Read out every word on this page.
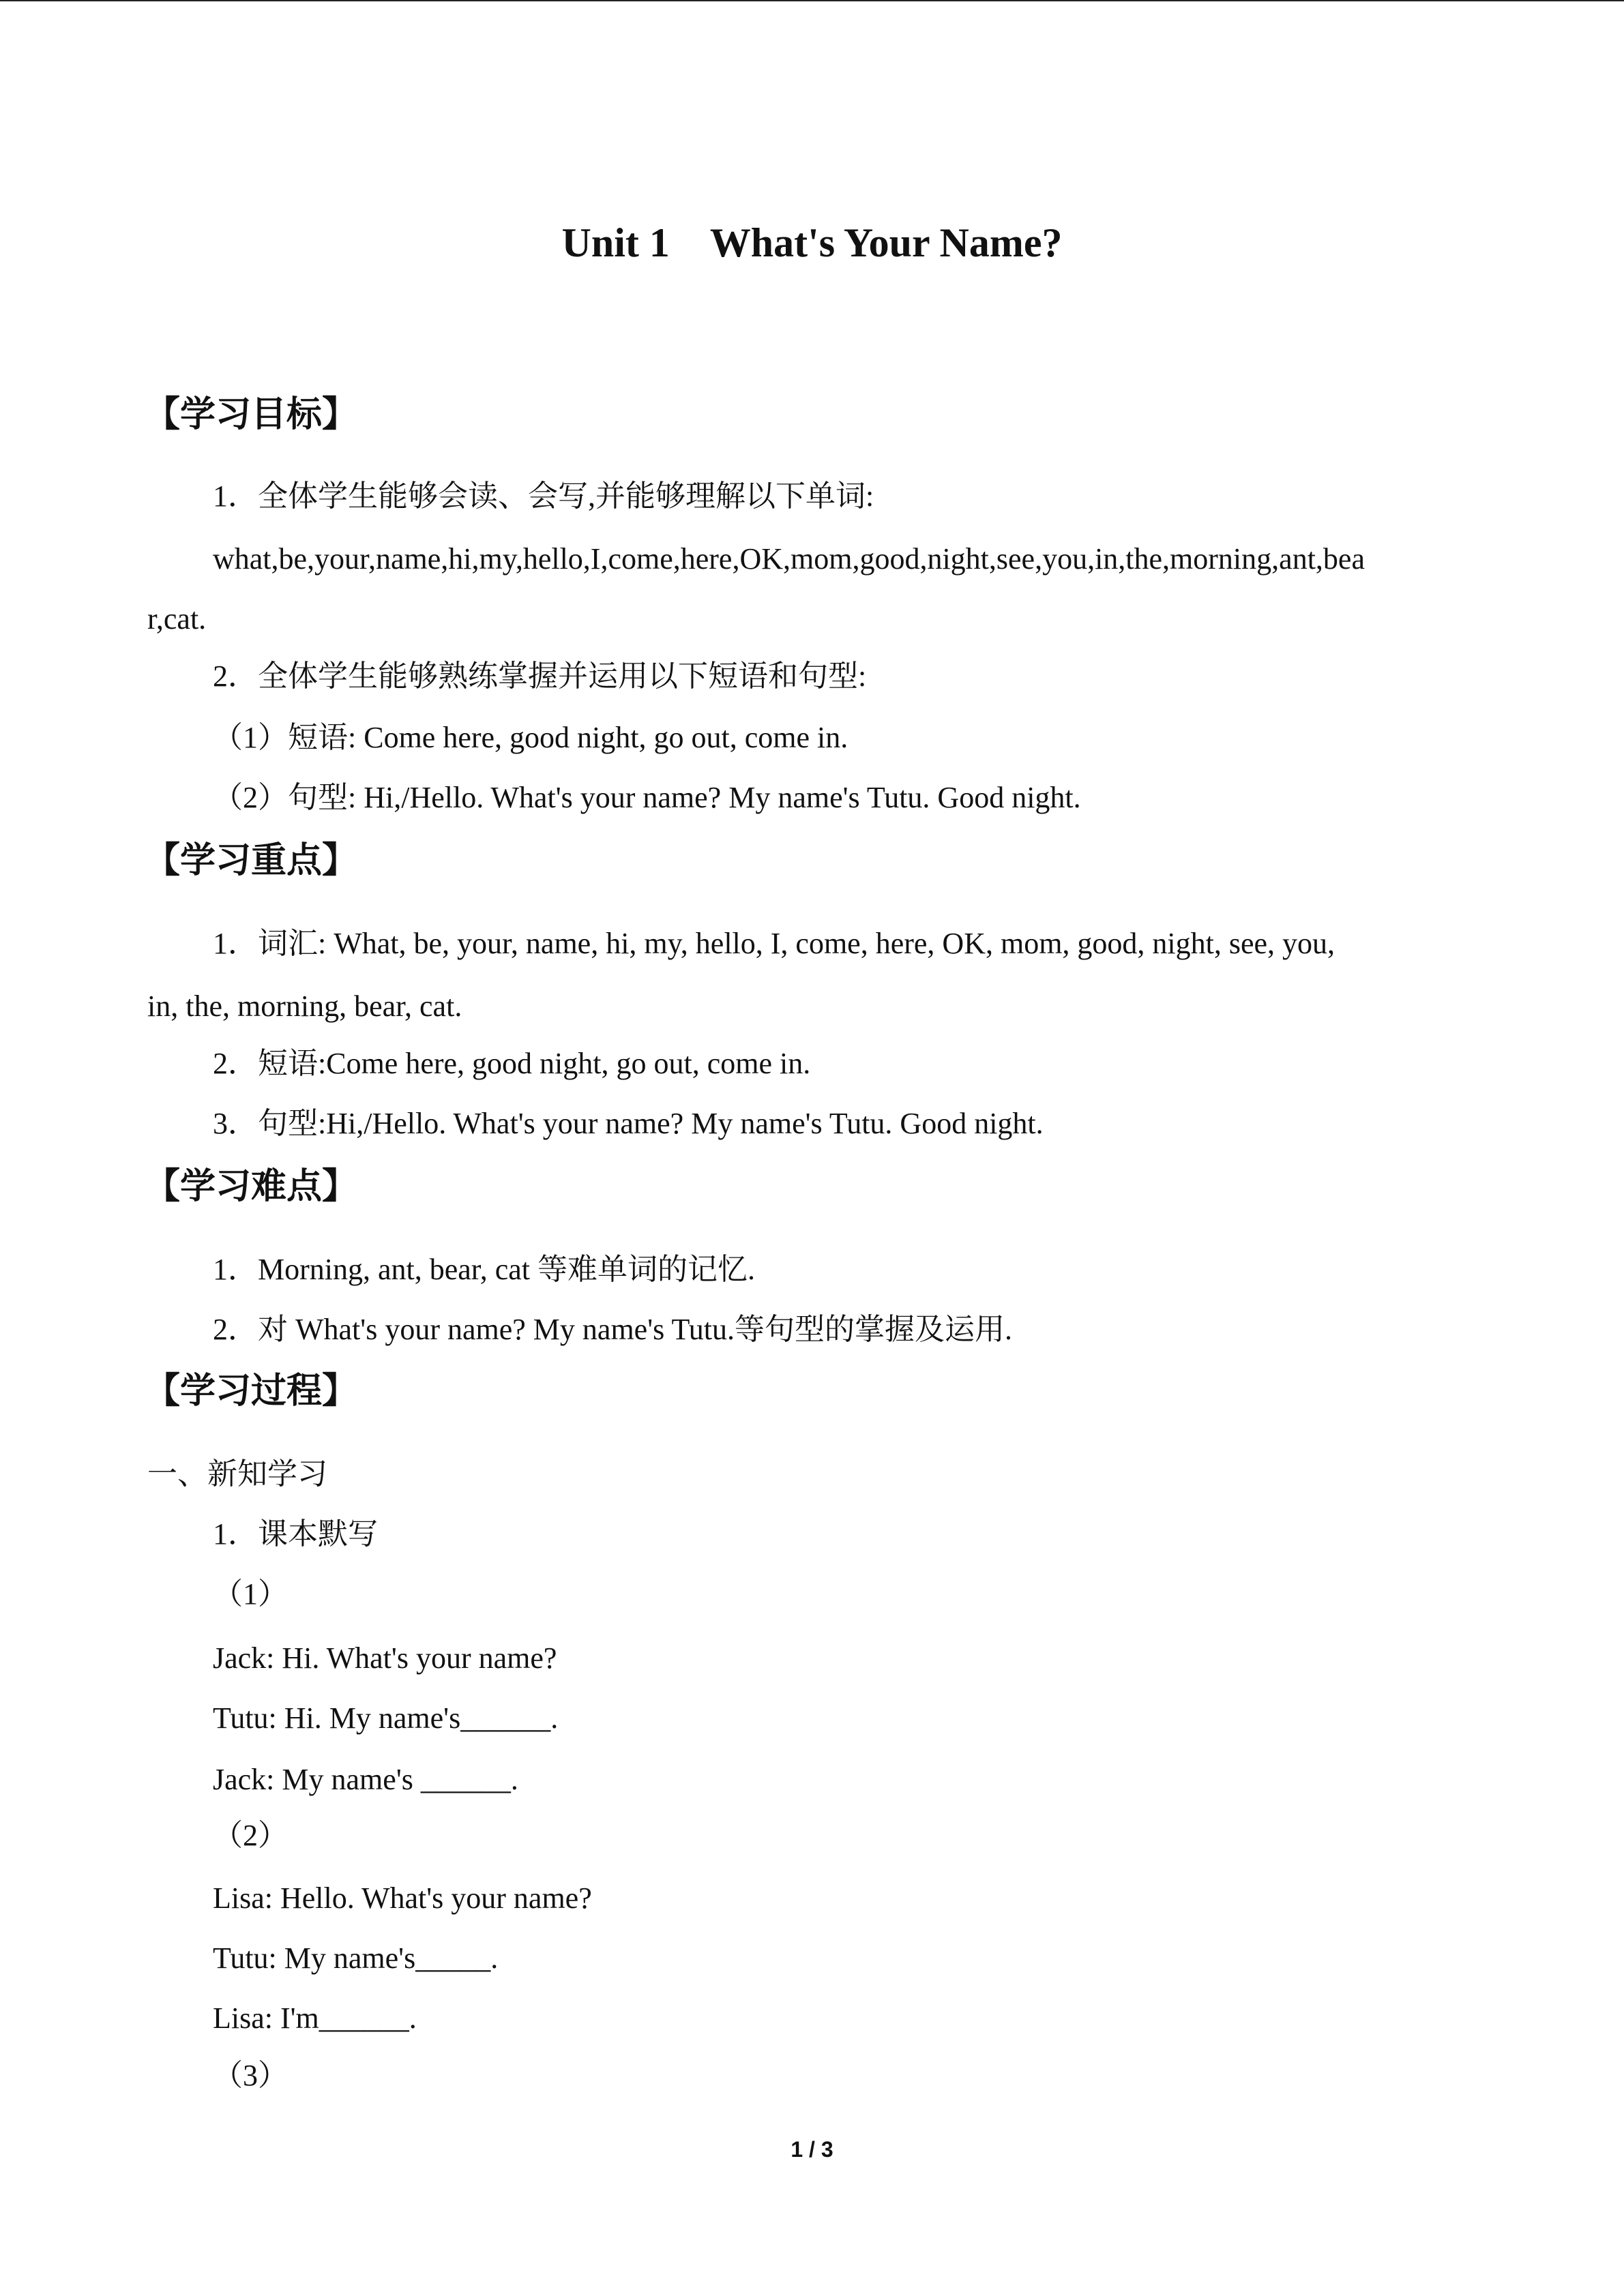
Unit 1    What's Your Name?
【学习目标】
1．全体学生能够会读、会写,并能够理解以下单词:
what,be,your,name,hi,my,hello,I,come,here,OK,mom,good,night,see,you,in,the,morning,ant,bea
r,cat.
2．全体学生能够熟练掌握并运用以下短语和句型:
（1）短语: Come here, good night, go out, come in.
（2）句型: Hi,/Hello. What's your name? My name's Tutu. Good night.
【学习重点】
1．词汇: What, be, your, name, hi, my, hello, I, come, here, OK, mom, good, night, see, you,
in, the, morning, bear, cat.
2．短语:Come here, good night, go out, come in.
3．句型:Hi,/Hello. What's your name? My name's Tutu. Good night.
【学习难点】
1．Morning, ant, bear, cat 等难单词的记忆.
2．对 What's your name? My name's Tutu.等句型的掌握及运用.
【学习过程】
一、新知学习
1．课本默写
（1）
Jack: Hi. What's your name?
Tutu: Hi. My name's______.
Jack: My name's ______.
（2）
Lisa: Hello. What's your name?
Tutu: My name's_____.
Lisa: I'm______.
（3）
1 / 3
